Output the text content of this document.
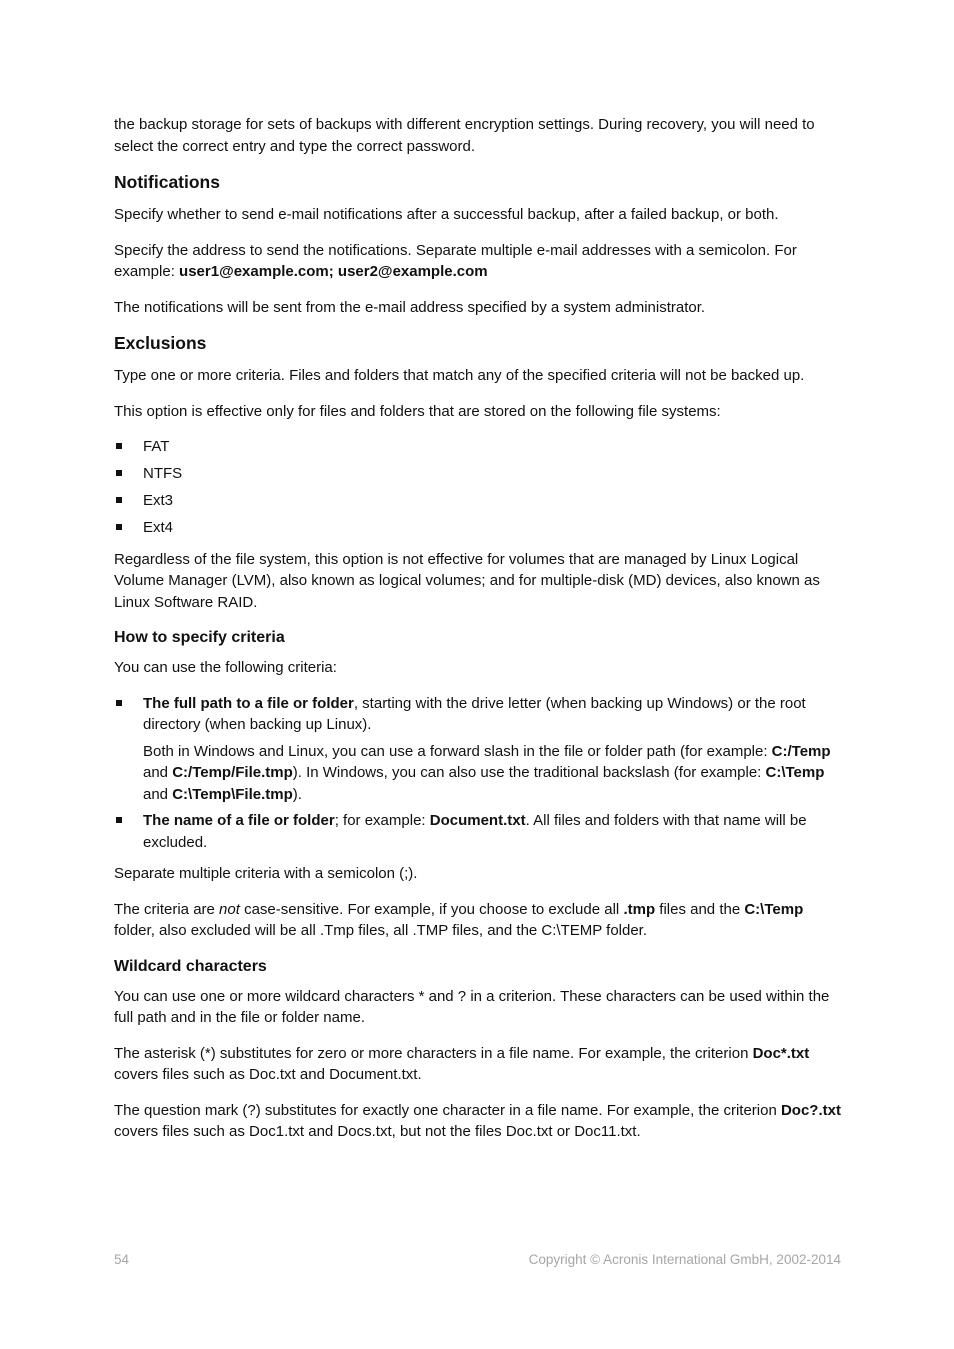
the backup storage for sets of backups with different encryption settings. During recovery, you will need to select the correct entry and type the correct password.

Notifications

Specify whether to send e-mail notifications after a successful backup, after a failed backup, or both.

Specify the address to send the notifications. Separate multiple e-mail addresses with a semicolon. For example: user1@example.com; user2@example.com

The notifications will be sent from the e-mail address specified by a system administrator.

Exclusions

Type one or more criteria. Files and folders that match any of the specified criteria will not be backed up.

This option is effective only for files and folders that are stored on the following file systems:

FAT
NTFS
Ext3
Ext4

Regardless of the file system, this option is not effective for volumes that are managed by Linux Logical Volume Manager (LVM), also known as logical volumes; and for multiple-disk (MD) devices, also known as Linux Software RAID.

How to specify criteria

You can use the following criteria:

The full path to a file or folder, starting with the drive letter (when backing up Windows) or the root directory (when backing up Linux).

Both in Windows and Linux, you can use a forward slash in the file or folder path (for example: C:/Temp and C:/Temp/File.tmp). In Windows, you can also use the traditional backslash (for example: C:\Temp and C:\Temp\File.tmp).

The name of a file or folder; for example: Document.txt. All files and folders with that name will be excluded.

Separate multiple criteria with a semicolon (;).

The criteria are not case-sensitive. For example, if you choose to exclude all .tmp files and the C:\Temp folder, also excluded will be all .Tmp files, all .TMP files, and the C:\TEMP folder.

Wildcard characters

You can use one or more wildcard characters * and ? in a criterion. These characters can be used within the full path and in the file or folder name.

The asterisk (*) substitutes for zero or more characters in a file name. For example, the criterion Doc*.txt covers files such as Doc.txt and Document.txt.

The question mark (?) substitutes for exactly one character in a file name. For example, the criterion Doc?.txt covers files such as Doc1.txt and Docs.txt, but not the files Doc.txt or Doc11.txt.

54	Copyright © Acronis International GmbH, 2002-2014
